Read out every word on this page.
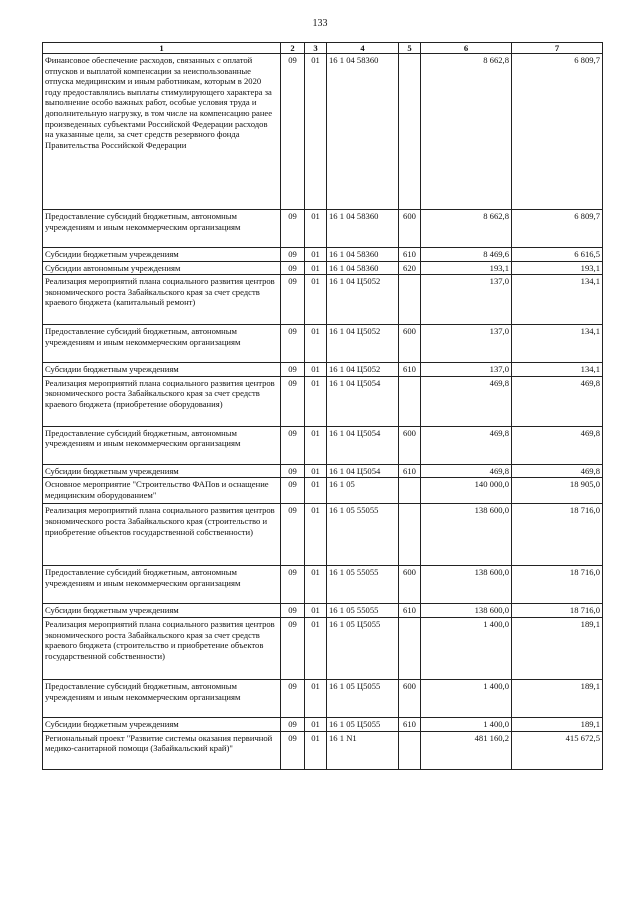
133
1	2	3	4	5	6	7
Финансовое обеспечение расходов, связанных с оплатой отпусков и выплатой компенсации за неиспользованные отпуска медицинским и иным работникам, которым в 2020 году предоставлялись выплаты стимулирующего характера за выполнение особо важных работ, особые условия труда и дополнительную нагрузку, в том числе на компенсацию ранее произведенных субъектами Российской Федерации расходов на указанные цели, за счет средств резервного фонда Правительства Российской Федерации	09	01	16 1 04 58360		8 662,8	6 809,7
Предоставление субсидий бюджетным, автономным учреждениям и иным некоммерческим организациям	09	01	16 1 04 58360	600	8 662,8	6 809,7
Субсидии бюджетным учреждениям	09	01	16 1 04 58360	610	8 469,6	6 616,5
Субсидии автономным учреждениям	09	01	16 1 04 58360	620	193,1	193,1
Реализация мероприятий плана социального развития центров экономического роста Забайкальского края за счет средств краевого бюджета (капитальный ремонт)	09	01	16 1 04 Ц5052		137,0	134,1
Предоставление субсидий бюджетным, автономным учреждениям и иным некоммерческим организациям	09	01	16 1 04 Ц5052	600	137,0	134,1
Субсидии бюджетным учреждениям	09	01	16 1 04 Ц5052	610	137,0	134,1
Реализация мероприятий плана социального развития центров экономического роста Забайкальского края за счет средств краевого бюджета (приобретение оборудования)	09	01	16 1 04 Ц5054		469,8	469,8
Предоставление субсидий бюджетным, автономным учреждениям и иным некоммерческим организациям	09	01	16 1 04 Ц5054	600	469,8	469,8
Субсидии бюджетным учреждениям	09	01	16 1 04 Ц5054	610	469,8	469,8
Основное мероприятие "Строительство ФАПов и оснащение медицинским оборудованием"	09	01	16 1 05		140 000,0	18 905,0
Реализация мероприятий плана социального развития центров экономического роста Забайкальского края (строительство и приобретение объектов государственной собственности)	09	01	16 1 05 55055		138 600,0	18 716,0
Предоставление субсидий бюджетным, автономным учреждениям и иным некоммерческим организациям	09	01	16 1 05 55055	600	138 600,0	18 716,0
Субсидии бюджетным учреждениям	09	01	16 1 05 55055	610	138 600,0	18 716,0
Реализация мероприятий плана социального развития центров экономического роста Забайкальского края за счет средств краевого бюджета (строительство и приобретение объектов государственной собственности)	09	01	16 1 05 Ц5055		1 400,0	189,1
Предоставление субсидий бюджетным, автономным учреждениям и иным некоммерческим организациям	09	01	16 1 05 Ц5055	600	1 400,0	189,1
Субсидии бюджетным учреждениям	09	01	16 1 05 Ц5055	610	1 400,0	189,1
Региональный проект "Развитие системы оказания первичной медико-санитарной помощи (Забайкальский край)"	09	01	16 1 N1		481 160,2	415 672,5
